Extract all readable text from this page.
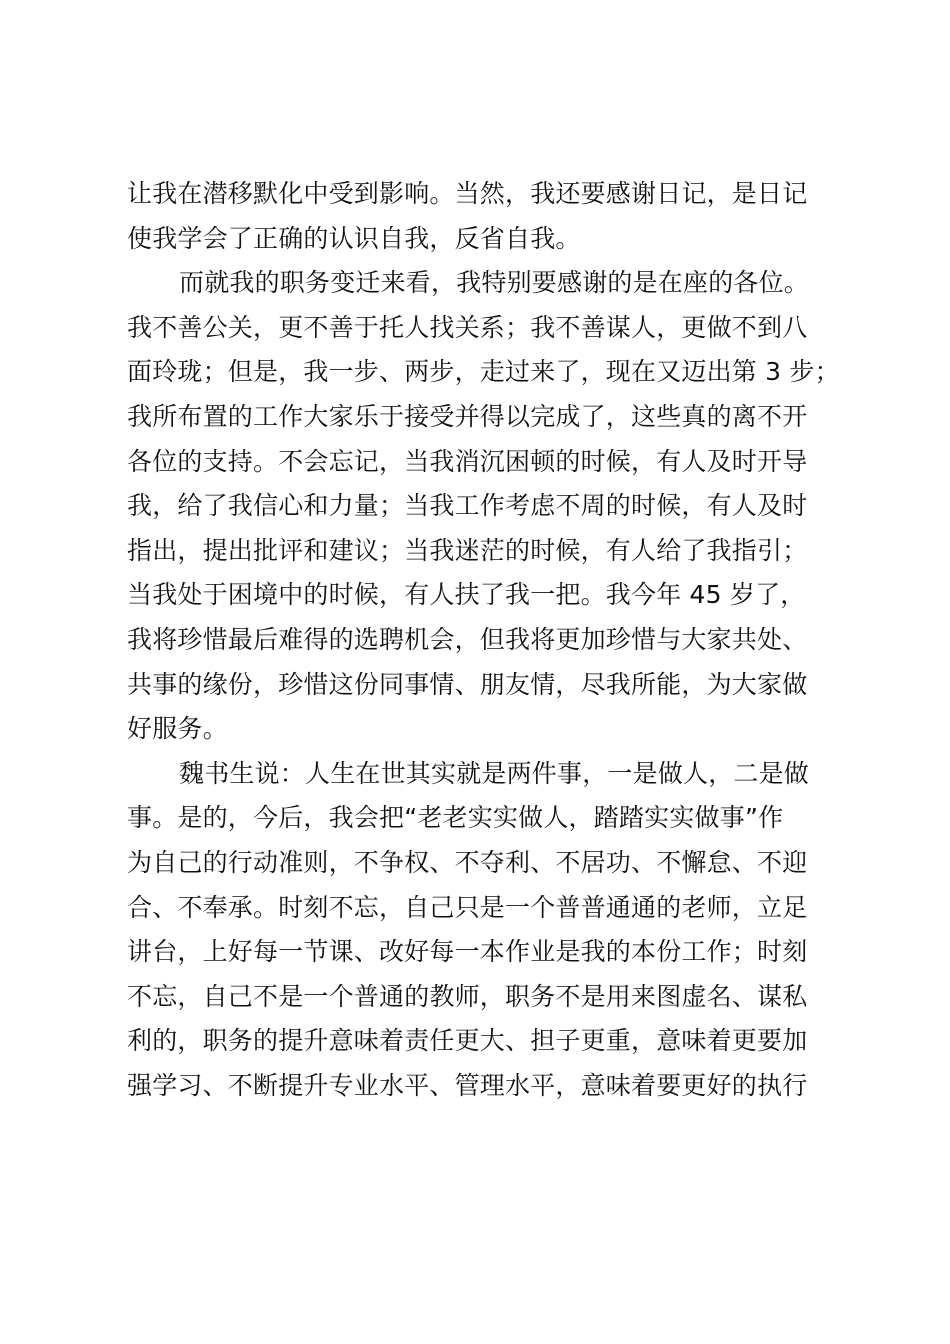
让我在潜移默化中受到影响。当然，我还要感谢日记，是日记
使我学会了正确的认识自我，反省自我。
而就我的职务变迁来看，我特别要感谢的是在座的各位。
我不善公关，更不善于托人找关系；我不善谋人，更做不到八
面玲珑；但是，我一步、两步，走过来了，现在又迈出第 3 步；
我所布置的工作大家乐于接受并得以完成了，这些真的离不开
各位的支持。不会忘记，当我消沉困顿的时候，有人及时开导
我，给了我信心和力量；当我工作考虑不周的时候，有人及时
指出，提出批评和建议；当我迷茫的时候，有人给了我指引；
当我处于困境中的时候，有人扶了我一把。我今年 45 岁了，
我将珍惜最后难得的选聘机会，但我将更加珍惜与大家共处、
共事的缘份，珍惜这份同事情、朋友情，尽我所能，为大家做
好服务。
魏书生说：人生在世其实就是两件事，一是做人，二是做
事。是的，今后，我会把“老老实实做人，踏踏实实做事”作
为自己的行动准则，不争权、不夺利、不居功、不懈怠、不迎
合、不奉承。时刻不忘，自己只是一个普普通通的老师，立足
讲台，上好每一节课、改好每一本作业是我的本份工作；时刻
不忘，自己不是一个普通的教师，职务不是用来图虚名、谋私
利的，职务的提升意味着责任更大、担子更重，意味着更要加
强学习、不断提升专业水平、管理水平，意味着要更好的执行
